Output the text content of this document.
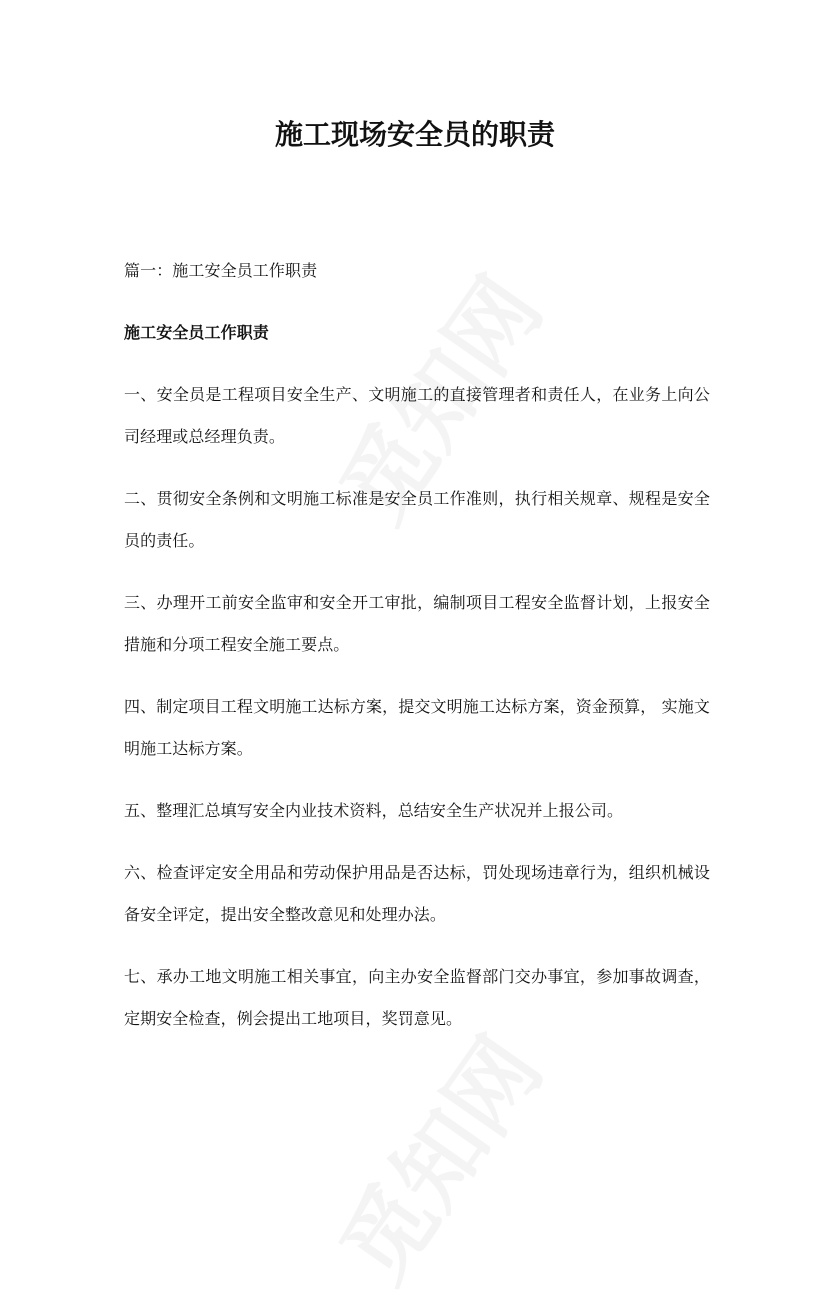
施工现场安全员的职责

篇一：施工安全员工作职责

施工安全员工作职责

一、安全员是工程项目安全生产、文明施工的直接管理者和责任人，在业务上向公司经理或总经理负责。

二、贯彻安全条例和文明施工标准是安全员工作准则，执行相关规章、规程是安全员的责任。

三、办理开工前安全监审和安全开工审批，编制项目工程安全监督计划，上报安全措施和分项工程安全施工要点。

四、制定项目工程文明施工达标方案，提交文明施工达标方案，资金预算， 实施文明施工达标方案。

五、整理汇总填写安全内业技术资料，总结安全生产状况并上报公司。

六、检查评定安全用品和劳动保护用品是否达标，罚处现场违章行为，组织机械设备安全评定，提出安全整改意见和处理办法。

七、承办工地文明施工相关事宜，向主办安全监督部门交办事宜，参加事故调查，定期安全检查，例会提出工地项目，奖罚意见。
